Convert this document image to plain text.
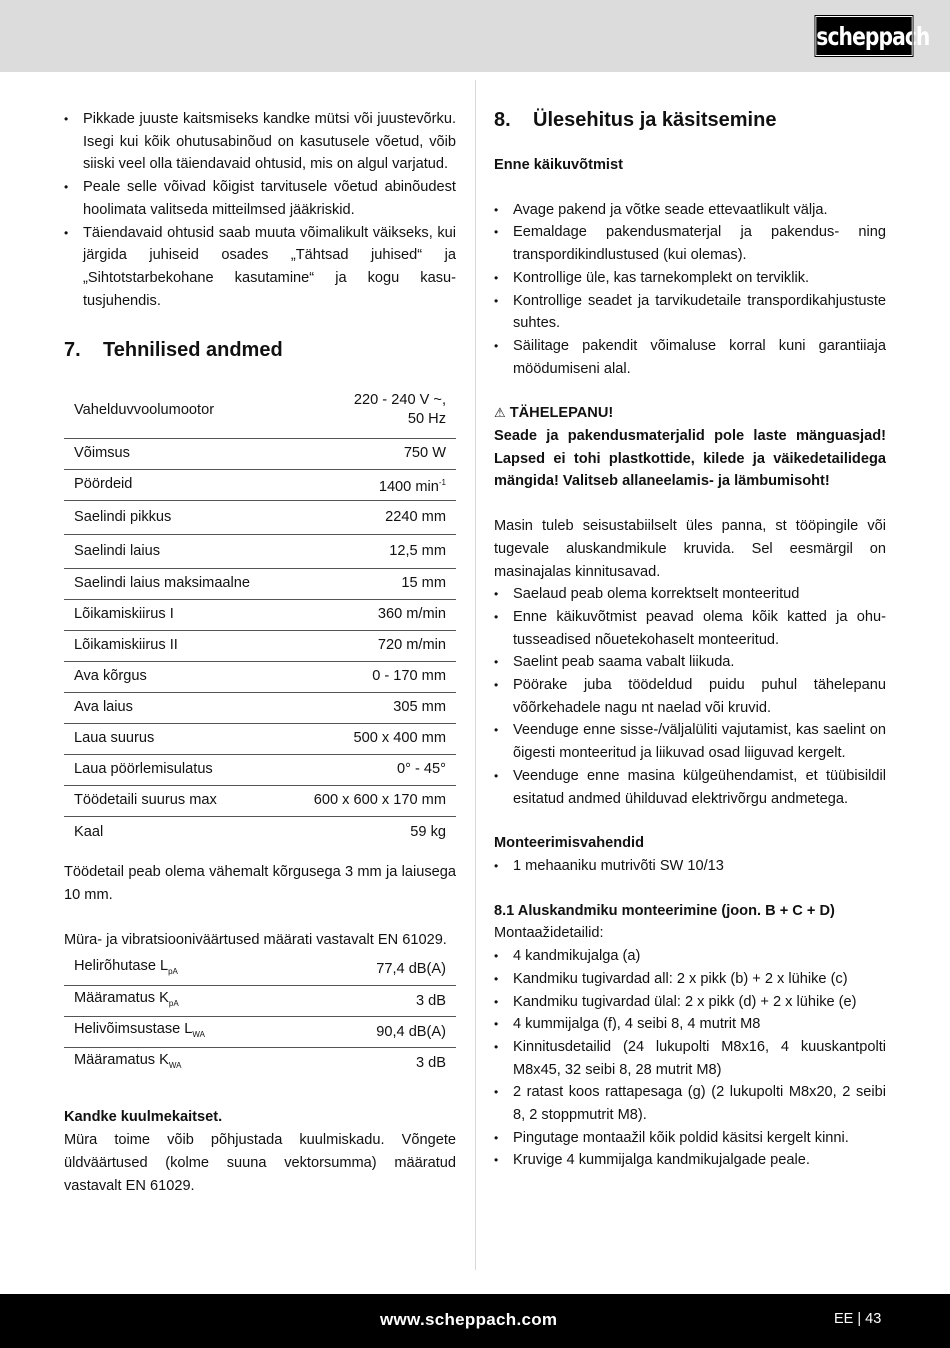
scheppach
• Pikkade juuste kaitsmiseks kandke mütsi või juustevõrku. Isegi kui kõik ohutusabinõud on kasutusele võetud, võib siiski veel olla täiendavaid ohtusid, mis on algul varjatud.
• Peale selle võivad kõigist tarvitusele võetud abinõudest hoolimata valitseda mitteilmsed jääkriskid.
• Täiendavaid ohtusid saab muuta võimalikult väikseks, kui järgida juhiseid osades „Tähtsad juhised“ ja „Sihtotstarbekohane kasutamine“ ja kogu kasutusjuhendis.
7. Tehnilised andmed
Vahelduvvoolumootor	220 - 240 V ~,
50 Hz
Võimsus	750 W
Pöördeid	1400 $\min^{-1}$
Saelindi pikkus	2240 mm
Saelindi laius	12,5 mm
Saelindi laius maksimaalne	15 mm
Lõikamiskiirus I	360 m/min
Lõikamiskiirus II	720 m/min
Ava kõrgus	0 - 170 mm
Ava laius	305 mm
Laua suurus	500 x 400 mm
Laua pöörlemisulatus	0° - 45°
Töödetaili suurus max	600 x 600 x 170 mm
Kaal	59 kg

Töödetail peab olema vähemalt kõrgusega 3 mm ja laiusega 10 mm.

Müra- ja vibratsiooniväärtused määrati vastavalt EN 61029.

Helirõhutase $L_{pA}$	77,4 dB(A)
Määramatus $K_{pA}$	3 dB
Helivõimsustase $L_{WA}$	90,4 dB(A)
Määramatus $K_{WA}$	3 dB

Kandke kuulmekaitset.

Müra toime võib põhjustada kuulmiskadu. Võngete üldväärtused (kolme suuna vektorsumma) määratud vastavalt EN 61029.

8. Ülesehitus ja käsitsemine

Enne käikuvõtmist

• Avage pakend ja võtke seade ettevaatlikult välja.
• Eemaldage pakendusmaterjal ja pakendus- ning transpordikindlustused (kui olemas).
• Kontrollige üle, kas tarnekomplekt on terviklik.
• Kontrollige seadet ja tarvikudetaile transpordikahjustuste suhtes.
• Säilitage pakendit võimaluse korral kuni garantiiaja möödumiseni alal.

⚠ TÄHELEPANU!

Seade ja pakendusmaterjalid pole laste mänguasjad! Lapsed ei tohi plastkottide, kilede ja väikedetailidega mängida! Valitseb allaneelamis- ja lämbumisoht!

Masin tuleb seisustabiilselt üles panna, st tööpingile või tugevale aluskandmikule kruvida. Sel eesmärgil on masinajalas kinnitusavad.

• Saelaud peab olema korrektselt monteeritud
• Enne käikuvõtmist peavad olema kõik katted ja ohutusseadised nõuetekohaselt monteeritud.
• Saelint peab saama vabalt liikuda.
• Pöörake juba töödeldud puidu puhul tähelepanu võõrkehadele nagu nt naelad või kruvid.
• Veenduge enne sisse-/väljalüliti vajutamist, kas saelint on õigesti monteeritud ja liikuvad osad liiguvad kergelt.
• Veenduge enne masina külgeühendamist, et tüübisildil esitatud andmed ühilduvad elektrivõrgu andmetega.

Monteerimisvahendid

• 1 mehaaniku mutrivõti SW 10/13

8.1 Aluskandmiku monteerimine (joon. B + C + D)

Montaažidetailid:

• 4 kandmikujalga (a)
• Kandmiku tugivardad all: 2 x pikk (b) + 2 x lühike (c)
• Kandmiku tugivardad ülal: 2 x pikk (d) + 2 x lühike (e)
• 4 kummijalga (f), 4 seibi 8, 4 mutrit M8
• Kinnitusdetailid (24 lukupolti M8x16, 4 kuuskantpolti M8x45, 32 seibi 8, 28 mutrit M8)
• 2 ratast koos rattapesaga (g) (2 lukupolti M8x20, 2 seibi 8, 2 stoppmutrit M8).
• Pingutage montaažil kõik poldid käsitsi kergelt kinni.
• Kruvige 4 kummijalga kandmikujalgade peale.
www.scheppach.com	EE | 43
